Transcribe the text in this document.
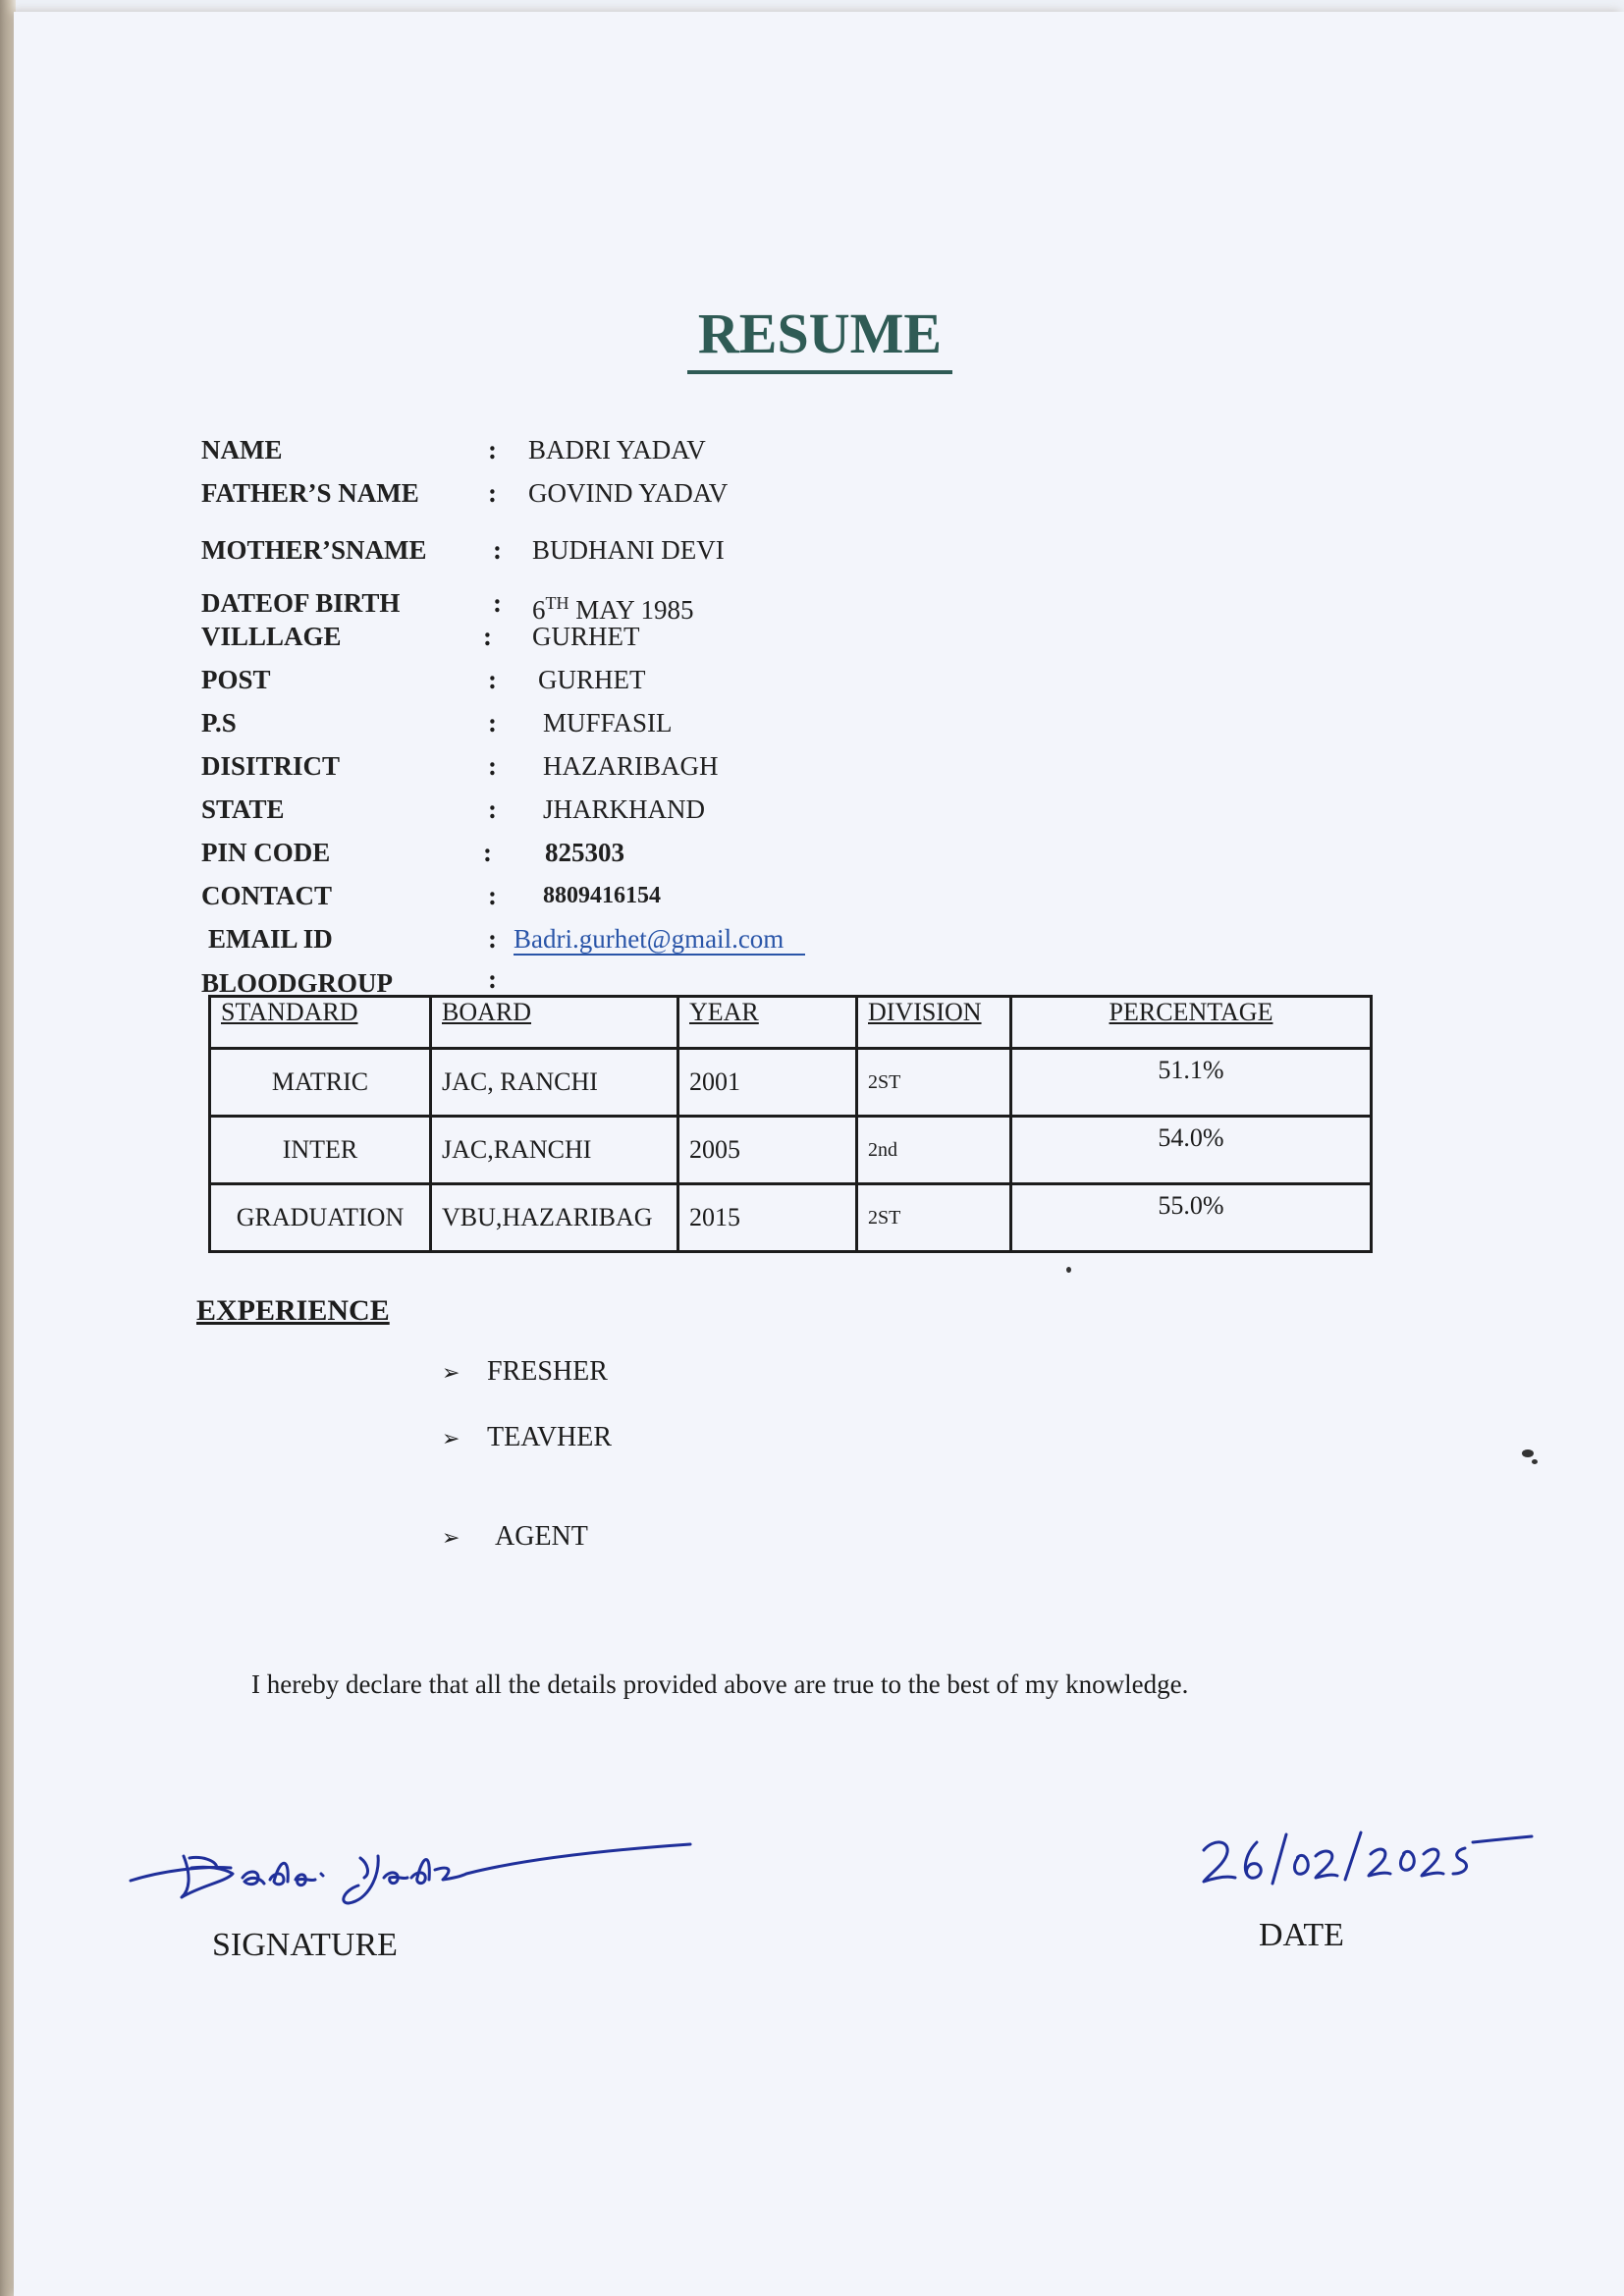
RESUME
NAME	: BADRI YADAV
FATHER’S NAME	: GOVIND YADAV
MOTHER’SNAME	: BUDHANI DEVI
DATEOF BIRTH	: 6TH MAY 1985
VILLLAGE	: GURHET
POST	: GURHET
P.S	: MUFFASIL
DISITRICT	: HAZARIBAGH
STATE	: JHARKHAND
PIN CODE	: 825303
CONTACT	: 8809416154
EMAIL ID	: Badri.gurhet@gmail.com
BLOODGROUP	:
STANDARD	BOARD	YEAR	DIVISION	PERCENTAGE
MATRIC	JAC, RANCHI	2001	2ST	51.1%
INTER	JAC,RANCHI	2005	2nd	54.0%
GRADUATION	VBU,HAZARIBAG	2015	2ST	55.0%
EXPERIENCE
➢ FRESHER
➢ TEAVHER
➢ AGENT
I hereby declare that all the details provided above are true to the best of my knowledge.
SIGNATURE	DATE
